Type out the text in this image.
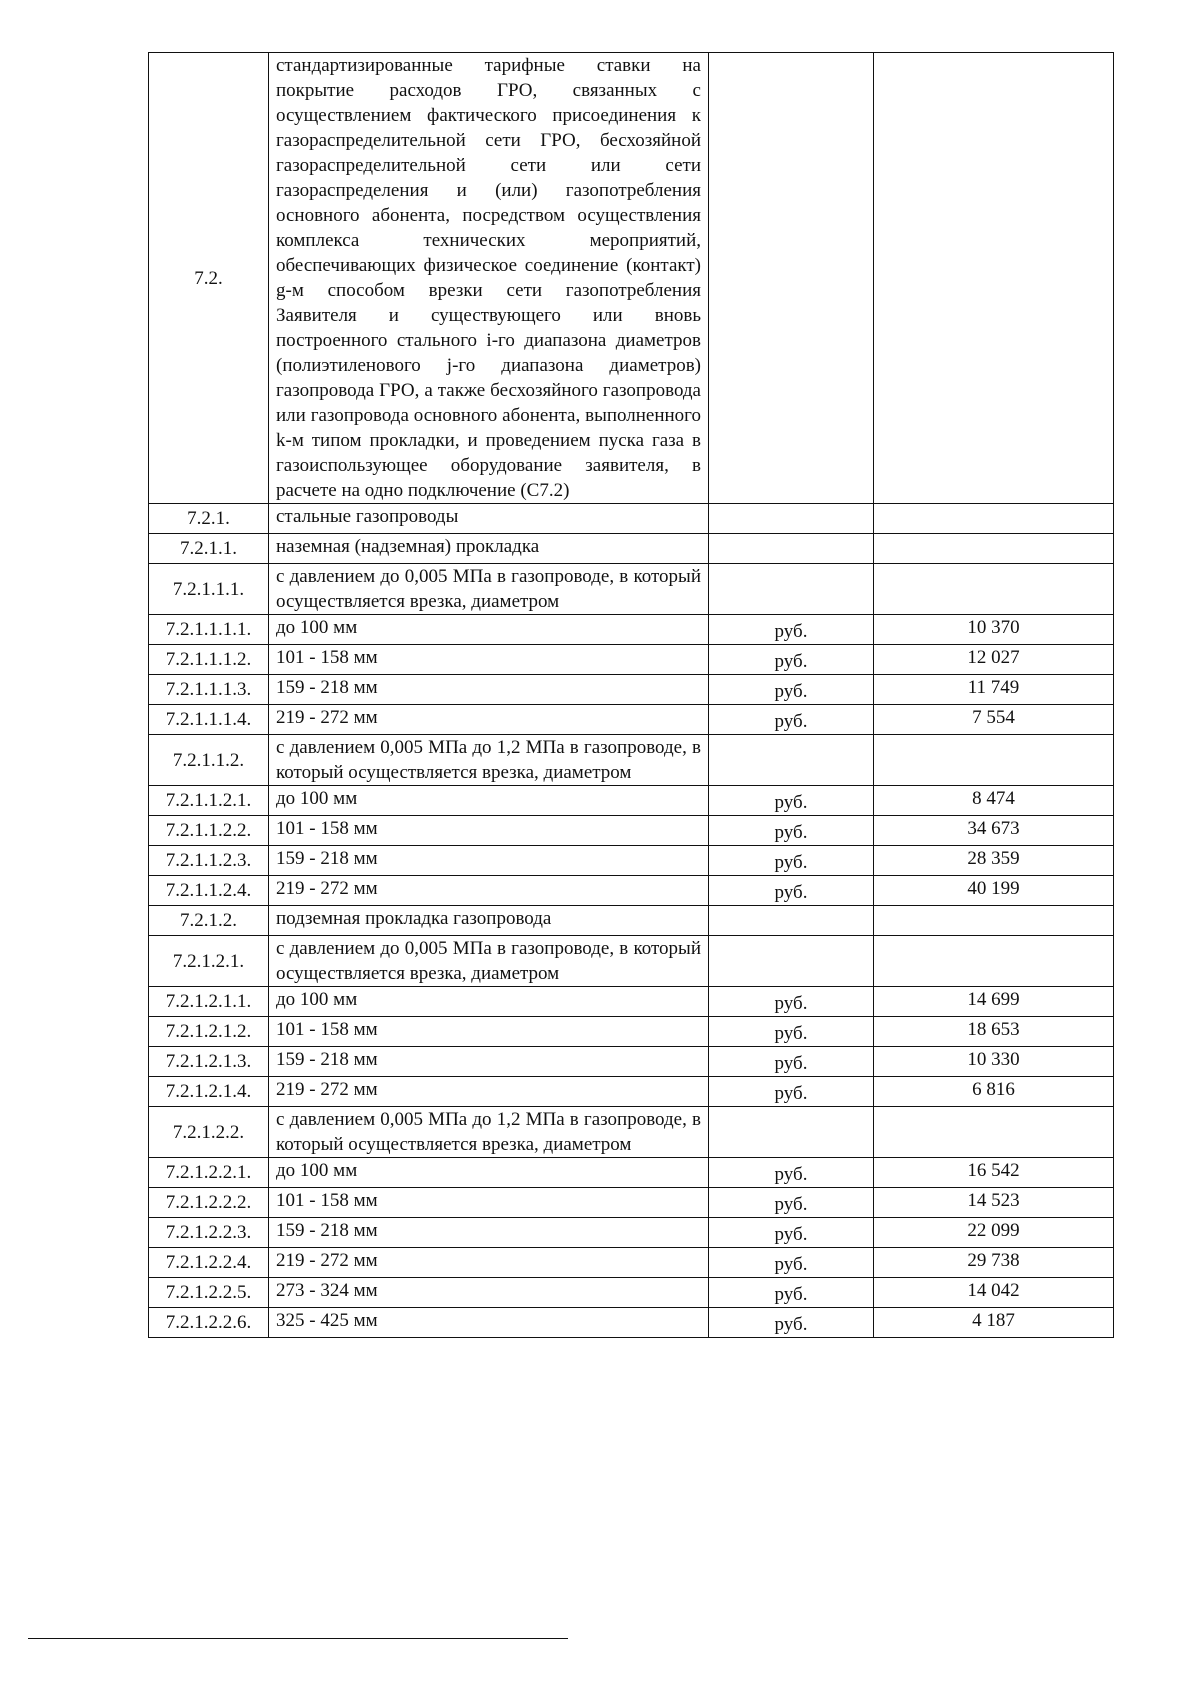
7.2.	стандартизированные тарифные ставки на покрытие расходов ГРО, связанных с осуществлением фактического присоединения к газораспределительной сети ГРО, бесхозяйной газораспределительной сети или сети газораспределения и (или) газопотребления основного абонента, посредством осуществления комплекса технических мероприятий, обеспечивающих физическое соединение (контакт) g-м способом врезки сети газопотребления Заявителя и существующего или вновь построенного стального i-го диапазона диаметров (полиэтиленового j-го диапазона диаметров) газопровода ГРО, а также бесхозяйного газопровода или газопровода основного абонента, выполненного k-м типом прокладки, и проведением пуска газа в газоиспользующее оборудование заявителя, в расчете на одно подключение (С7.2)		
7.2.1.	стальные газопроводы		
7.2.1.1.	наземная (надземная) прокладка		
7.2.1.1.1.	с давлением до 0,005 МПа в газопроводе, в который осуществляется врезка, диаметром		
7.2.1.1.1.1.	до 100 мм	руб.	10 370
7.2.1.1.1.2.	101 - 158 мм	руб.	12 027
7.2.1.1.1.3.	159 - 218 мм	руб.	11 749
7.2.1.1.1.4.	219 - 272 мм	руб.	7 554
7.2.1.1.2.	с давлением 0,005 МПа до 1,2 МПа в газопроводе, в который осуществляется врезка, диаметром		
7.2.1.1.2.1.	до 100 мм	руб.	8 474
7.2.1.1.2.2.	101 - 158 мм	руб.	34 673
7.2.1.1.2.3.	159 - 218 мм	руб.	28 359
7.2.1.1.2.4.	219 - 272 мм	руб.	40 199
7.2.1.2.	подземная прокладка газопровода		
7.2.1.2.1.	с давлением до 0,005 МПа в газопроводе, в который осуществляется врезка, диаметром		
7.2.1.2.1.1.	до 100 мм	руб.	14 699
7.2.1.2.1.2.	101 - 158 мм	руб.	18 653
7.2.1.2.1.3.	159 - 218 мм	руб.	10 330
7.2.1.2.1.4.	219 - 272 мм	руб.	6 816
7.2.1.2.2.	с давлением 0,005 МПа до 1,2 МПа в газопроводе, в который осуществляется врезка, диаметром		
7.2.1.2.2.1.	до 100 мм	руб.	16 542
7.2.1.2.2.2.	101 - 158 мм	руб.	14 523
7.2.1.2.2.3.	159 - 218 мм	руб.	22 099
7.2.1.2.2.4.	219 - 272 мм	руб.	29 738
7.2.1.2.2.5.	273 - 324 мм	руб.	14 042
7.2.1.2.2.6.	325 - 425 мм	руб.	4 187
